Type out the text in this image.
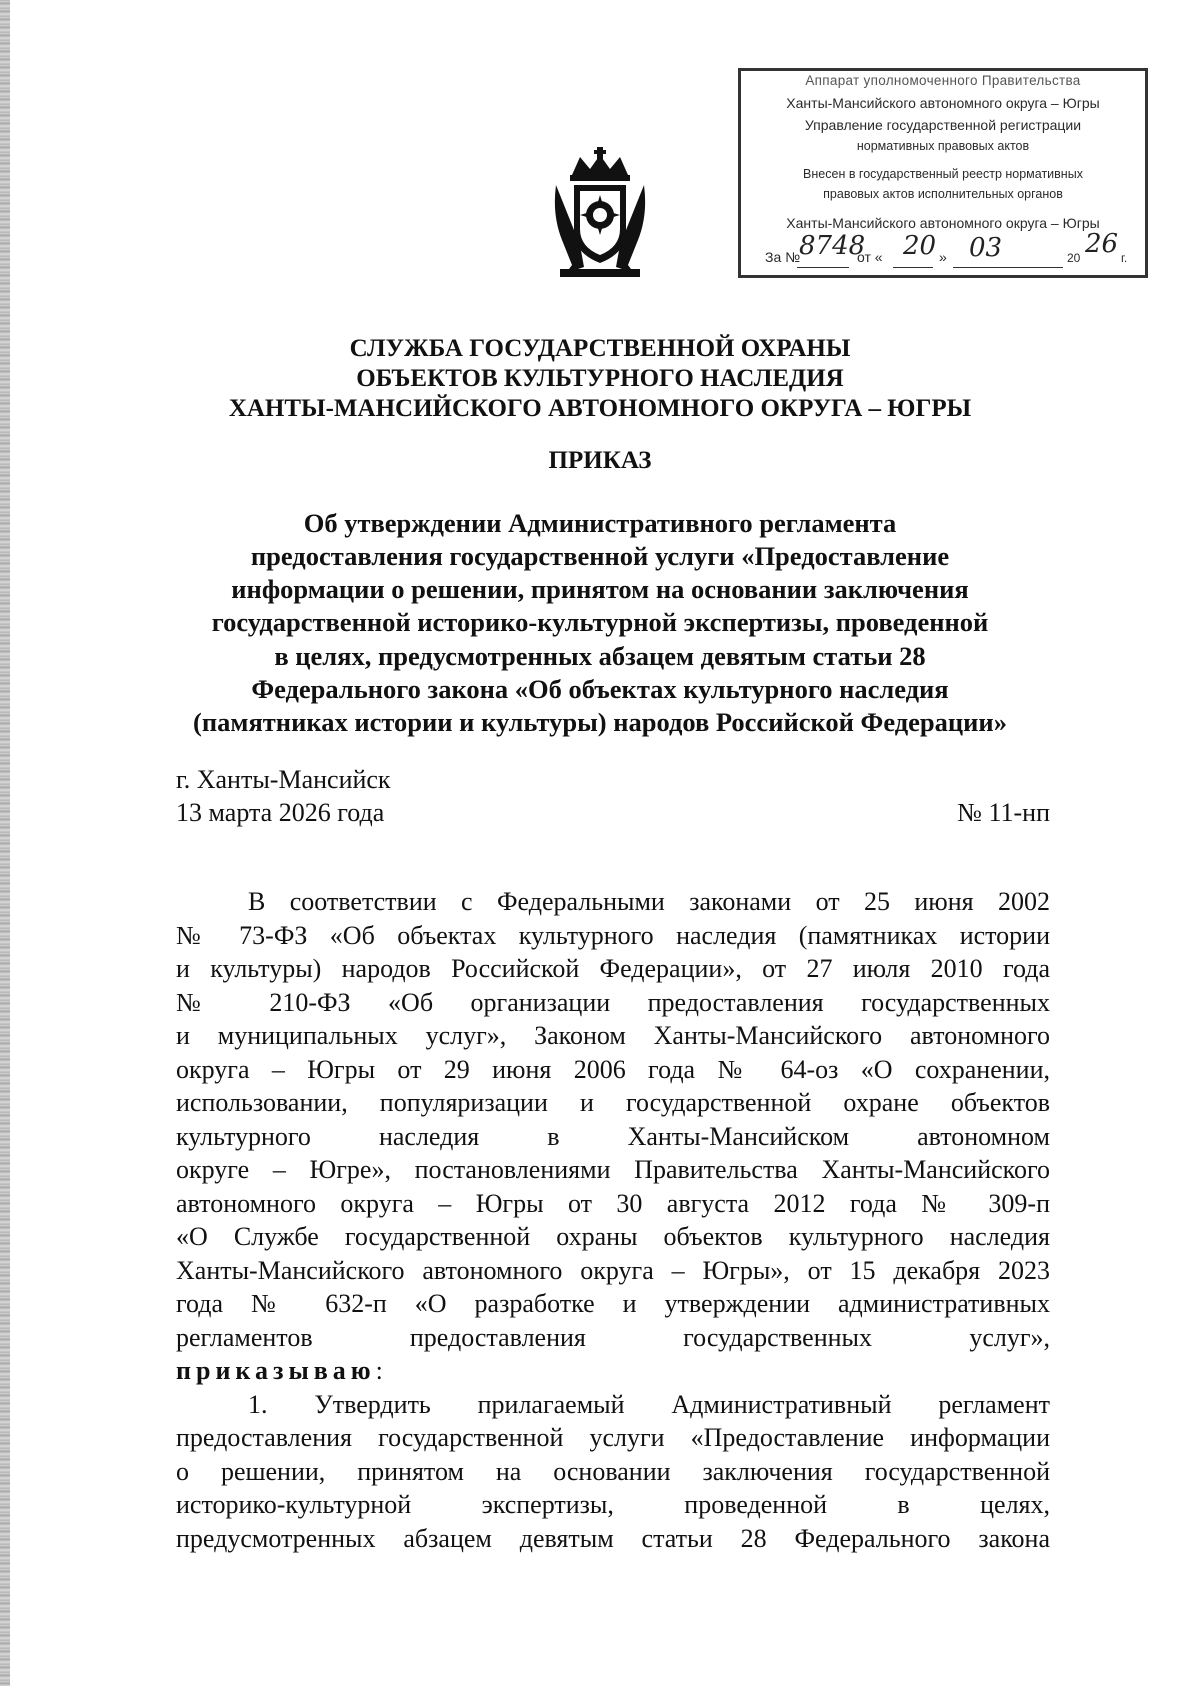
Аппарат уполномоченного Правительства
Ханты-Мансийского автономного округа – Югры
Управление государственной регистрации
нормативных правовых актов
Внесен в государственный реестр нормативных
правовых актов исполнительных органов
Ханты-Мансийского автономного округа – Югры
За №
8748
от « 20 » 03	20 26 г.
СЛУЖБА ГОСУДАРСТВЕННОЙ ОХРАНЫ
ОБЪЕКТОВ КУЛЬТУРНОГО НАСЛЕДИЯ
ХАНТЫ-МАНСИЙСКОГО АВТОНОМНОГО ОКРУГА – ЮГРЫ
ПРИКАЗ
Об утверждении Административного регламента
предоставления государственной услуги «Предоставление
информации о решении, принятом на основании заключения
государственной историко-культурной экспертизы, проведенной
в целях, предусмотренных абзацем девятым статьи 28
Федерального закона «Об объектах культурного наследия
(памятниках истории и культуры) народов Российской Федерации»
г. Ханты-Мансийск
13 марта 2026 года	№ 11-нп
В соответствии с Федеральными законами от 25 июня 2002
№ 73-ФЗ «Об объектах культурного наследия (памятниках истории
и культуры) народов Российской Федерации», от 27 июля 2010 года
№ 210-ФЗ «Об организации предоставления государственных
и муниципальных услуг», Законом Ханты-Мансийского автономного
округа – Югры от 29 июня 2006 года № 64-оз «О сохранении,
использовании, популяризации и государственной охране объектов
культурного наследия в Ханты-Мансийском автономном
округе – Югре», постановлениями Правительства Ханты-Мансийского
автономного округа – Югры от 30 августа 2012 года № 309-п
«О Службе государственной охраны объектов культурного наследия
Ханты-Мансийского автономного округа – Югры», от 15 декабря 2023
года № 632-п «О разработке и утверждении административных
регламентов предоставления государственных услуг»,
приказываю:
1. Утвердить прилагаемый Административный регламент
предоставления государственной услуги «Предоставление информации
о решении, принятом на основании заключения государственной
историко-культурной экспертизы, проведенной в целях,
предусмотренных абзацем девятым статьи 28 Федерального закона
